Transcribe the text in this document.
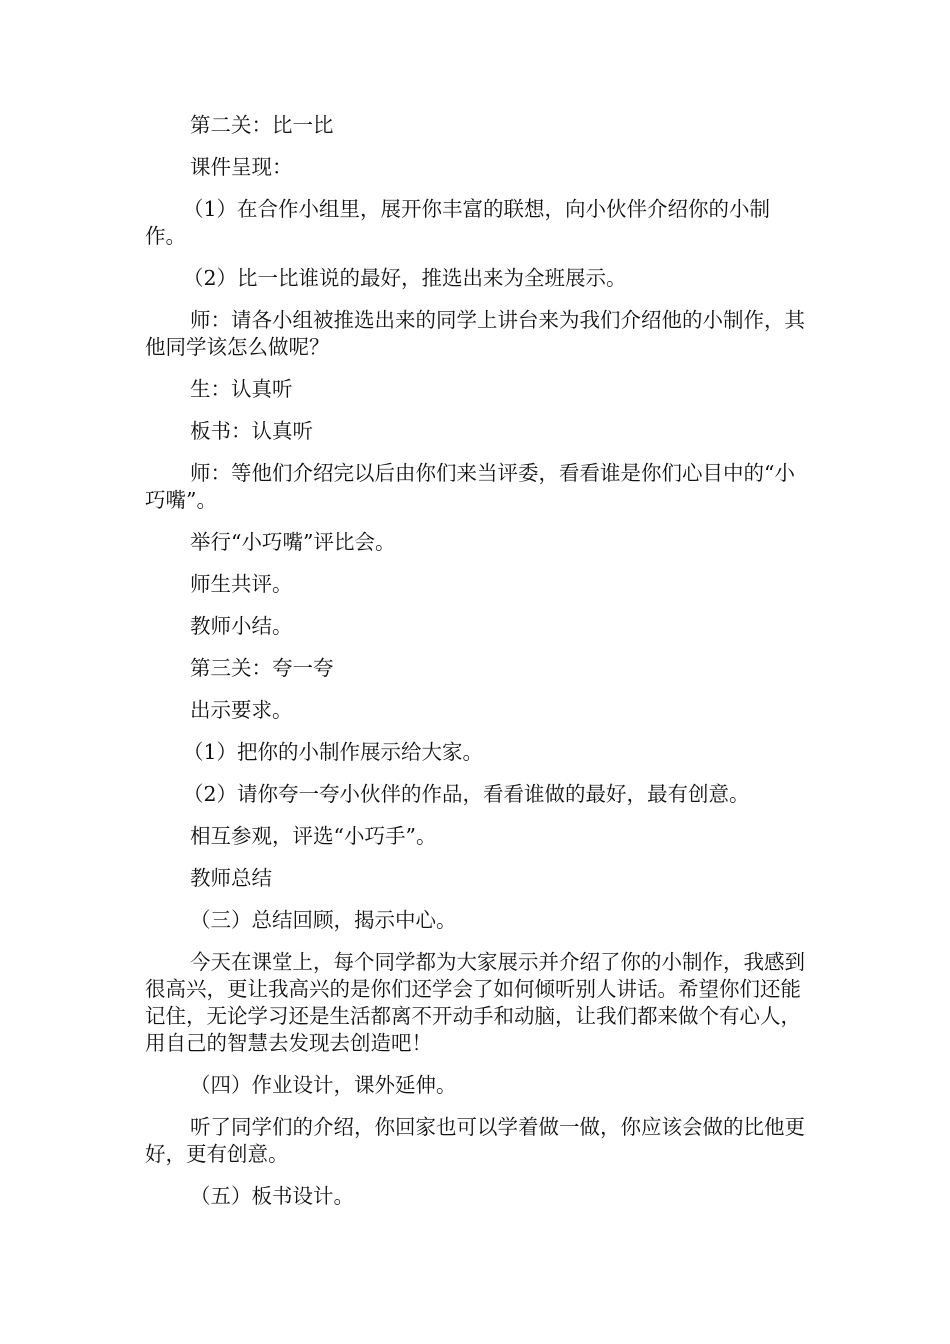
第二关：比一比

课件呈现：

（1）在合作小组里，展开你丰富的联想，向小伙伴介绍你的小制作。

（2）比一比谁说的最好，推选出来为全班展示。

师：请各小组被推选出来的同学上讲台来为我们介绍他的小制作，其他同学该怎么做呢？

生：认真听

板书：认真听

师：等他们介绍完以后由你们来当评委，看看谁是你们心目中的“小巧嘴”。

举行“小巧嘴”评比会。

师生共评。

教师小结。

第三关：夸一夸

出示要求。

（1）把你的小制作展示给大家。

（2）请你夸一夸小伙伴的作品，看看谁做的最好，最有创意。

相互参观，评选“小巧手”。

教师总结

（三）总结回顾，揭示中心。

今天在课堂上，每个同学都为大家展示并介绍了你的小制作，我感到很高兴，更让我高兴的是你们还学会了如何倾听别人讲话。希望你们还能记住，无论学习还是生活都离不开动手和动脑，让我们都来做个有心人，用自己的智慧去发现去创造吧！

（四）作业设计，课外延伸。

听了同学们的介绍，你回家也可以学着做一做，你应该会做的比他更好，更有创意。

（五）板书设计。
